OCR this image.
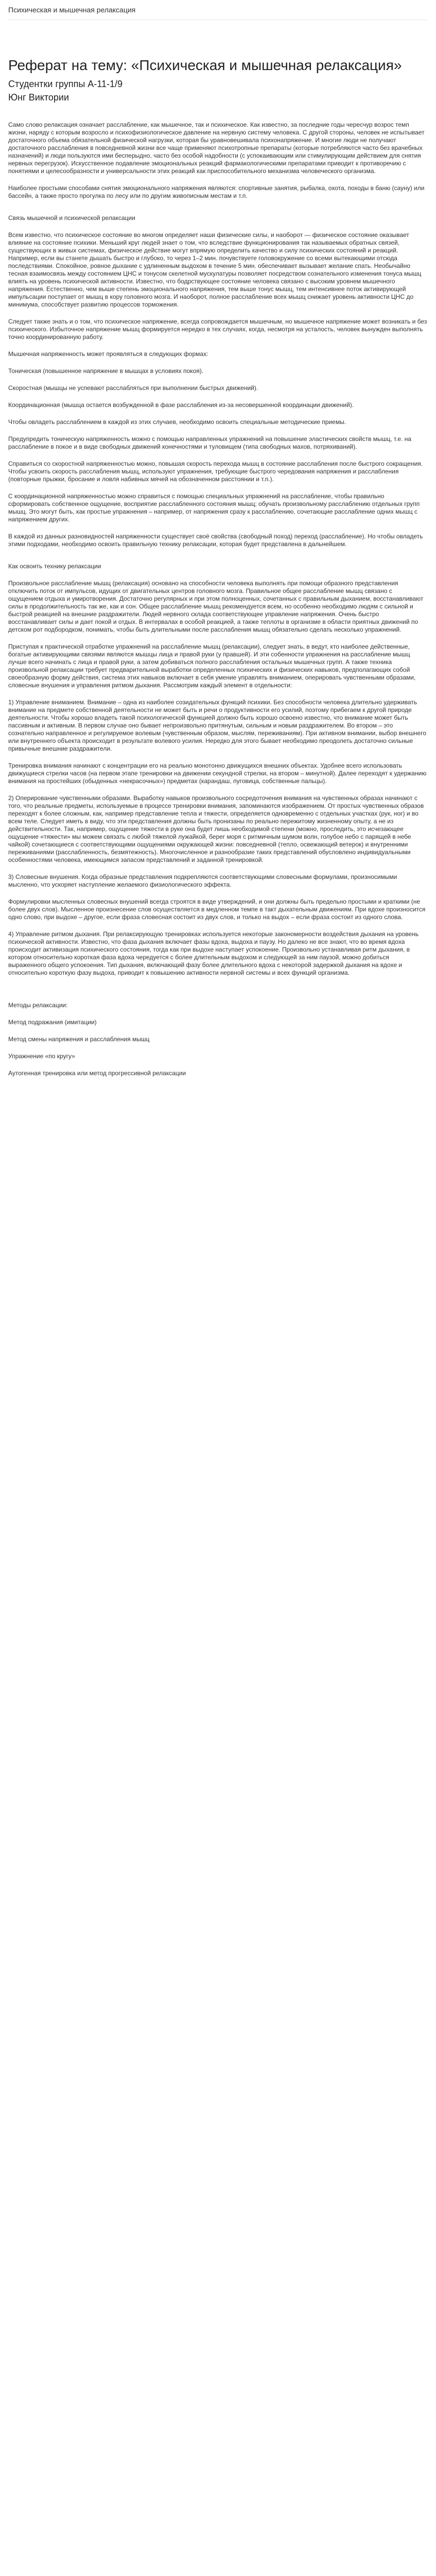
Психическая и мышечная релаксация
Реферат на тему: «Психическая и мышечная релаксация»
Студентки группы А-11-1/9
Юнг Виктории

Само слово релаксация означает расслабление, как мышечное, так и психическое. Как известно, за последние годы чересчур возрос темп жизни, наряду с которым возросло и психофизиологическое давление на нервную систему человека. С другой стороны, человек не испытывает достаточного объема обязательной физической нагрузки, которая бы уравновешивала психонапряжение. И многие люди не получают достаточного расслабления в повседневной жизни все чаще применяют психотропные препараты (которые потребляются часто без врачебных назначений) и люди пользуются ими бесперыдно, часто без особой надобности (с успокаивающим или стимулирующим действием для снятия нервных перегрузок). Искусственное подавление эмоциональных реакций фармакологическими препаратами приводит к противоречию с понятиями и целесообразности и универсальности этих реакций как приспособительного механизма человеческого организма.

Наиболее простыми способами снятия эмоционального напряжения являются: спортивные занятия, рыбалка, охота, походы в баню (сауну) или бассейн, а также просто прогулка по лесу или по другим живописным местам и т.п.

Связь мышечной и психической релаксации

Всем известно, что психическое состояние во многом определяет наши физические силы, и наоборот — физическое состояние оказывает влияние на состояние психики. Меньший круг людей знает о том, что вследствие функционирования так называемых обратных связей, существующих в живых системах, физическое действие могут впрямую определить качество и силу психических состояний и реакций. Например, если вы станете дышать быстро и глубоко, то через 1–2 мин. почувствуете головокружение со всеми вытекающими отсюда последствиями. Спокойное, ровное дыхание с удлиненным выдохом в течение 5 мин. обеспечивает вызывает желание спать. Необычайно тесная взаимосвязь между состоянием ЦНС и тонусом скелетной мускулатуры позволяет посредством сознательного изменения тонуса мышц влиять на уровень психической активности. Известно, что бодрствующее состояние человека связано с высоким уровнем мышечного напряжения. Естественно, чем выше степень эмоционального напряжения, тем выше тонус мышц, тем интенсивнее поток активирующей импульсации поступает от мышц в кору головного мозга. И наоборот, полное расслабление всех мышц снижает уровень активности ЦНС до минимума, способствует развитию процессов торможения.

Следует также знать и о том, что психическое напряжение, всегда сопровождается мышечным, но мышечное напряжение может возникать и без психического. Избыточное напряжение мышц формируется нередко в тех случаях, когда, несмотря на усталость, человек вынужден выполнять точно координированную работу.

Мышечная напряженность может проявляться в следующих формах:

Тоническая (повышенное напряжение в мышцах в условиях покоя).

Скоростная (мышцы не успевают расслабляться при выполнении быстрых движений).

Координационная (мышца остается возбужденной в фазе расслабления из-за несовершенной координации движений).

Чтобы овладеть расслаблением в каждой из этих случаев, необходимо освоить специальные методические приемы.

Предупредить тоническую напряженность можно с помощью направленных упражнений на повышение эластических свойств мышц, т.е. на расслабление в покое и в виде свободных движений конечностями и туловищем (типа свободных махов, потряхиваний).

Справиться со скоростной напряженностью можно, повышая скорость перехода мышц в состояние расслабления после быстрого сокращения. Чтобы усвоить скорость расслабления мышц, используют упражнения, требующие быстрого чередования напряжения и расслабления (повторные прыжки, бросание и ловля набивных мячей на обозначенном расстоянии и т.п.).

С координационной напряженностью можно справиться с помощью специальных упражнений на расслабление, чтобы правильно сформировать собственное ощущение, восприятие расслабленного состояния мышц; обучать произвольному расслаблению отдельных групп мышц. Это могут быть, как простые упражнения – например, от напряжения сразу к расслаблению, сочетающие расслабление одних мышц с напряжением других.

В каждой из данных разновидностей напряженности существует своё свойства (свободный поход) переход (расслабление). Но чтобы овладеть этими подходами, необходимо освоить правильную технику релаксации, которая будет представлена в дальнейшем.

Как освоить технику релаксации

Произвольное расслабление мышц (релаксация) основано на способности человека выполнять при помощи образного представления отключить поток от импульсов, идущих от двигательных центров головного мозга. Правильное общее расслабление мышц связано с ощущением отдыха и умиротворения. Достаточно регулярных и при этом полноценных, сочетанных с правильным дыханием, восстанавливают силы в продолжительность так же, как и сон. Общее расслабление мышц рекомендуется всем, но особенно необходимо людям с сильной и быстрой реакцией на внешние раздражители. Людей нервного склада соответствующее управление напряжения. Очень быстро восстанавливает силы и дает покой и отдых. В интервалах в особой реакцией, а также теплоты в организме в области приятных движений по детском рот подбородком, понимать, чтобы быть длительными после расслабления мышц обязательно сделать несколько упражнений.

Приступая к практической отработке упражнений на расслабление мышц (релаксации), следует знать, в ведут, кто наиболее действенные, богатые активирующими связями являются мышцы лица и правой руки (у правшей). И эти собенности упражнения на расслабление мышц лучше всего начинать с лица и правой руки, а затем добиваться полного расслабления остальных мышечных групп. А также техника произвольной релаксации требует предварительной выработки определенных психических и физических навыков, предполагающих собой своеобразную форму действия, система этих навыков включает в себя умение управлять вниманием, оперировать чувственными образами, словесные внушения и управления ритмом дыхания. Рассмотрим каждый элемент в отдельности:

1) Управление вниманием. Внимание – одна из наиболее созидательных функций психики. Без способности человека длительно удерживать внимание на предмете собственной деятельности не может быть и речи о продуктивности его усилий, поэтому прибегаем к другой природе деятельности. Чтобы хорошо владеть такой психологической функцией должно быть хорошо освоено известно, что внимание может быть пассивным и активным. В первом случае оно бывает непроизвольно притянутым, сильным и новым раздражителем. Во втором – это сознательно направленное и регулируемое волевым (чувственным образом, мыслям, переживаниям). При активном внимании, выбор внешнего или внутреннего объекта происходит в результате волевого усилия. Нередко для этого бывает необходимо преодолеть достаточно сильные привычные внешние раздражители.

Тренировка внимания начинают с концентрации его на реально монотонно движущихся внешних объектах. Удобнее всего использовать движущиеся стрелки часов (на первом этапе тренировки на движении секундной стрелки, на втором – минутной). Далее переходят к удержанию внимания на простейших (обыденных «некрасочных») предметах (карандаш, пуговица, собственные пальцы).

2) Оперирование чувственными образами. Выработку навыков произвольного сосредоточения внимания на чувственных образах начинают с того, что реальные предметы, используемые в процессе тренировки внимания, запоминаются изображением. От простых чувственных образов переходят к более сложным, как, например представление тепла и тяжести, определяется одновременно с отдельных участках (рук, ног) и во всем теле. Следует иметь в виду, что эти представления должны быть пронизаны по реально пережитому жизненному опыту, а не из действительности. Так, например, ощущение тяжести в руке она будет лишь необходимой степени (можно, проследить, это исчезающее ощущение «тяжести» мы можем связать с любой тяжелой лужайкой, берег моря с ритмичным шумом волн, голубое небо с парящей в небе чайкой) сочетающиеся с соответствующими ощущениями окружающей жизни: повседневной (тепло, освежающий ветерок) и внутренними переживаниями (расслабленность, безмятежность). Многочисленное и разнообразие таких представлений обусловлено индивидуальными особенностями человека, имеющимся запасом представлений и заданной тренировкой.

3) Словесные внушения. Когда образные представления подкрепляются соответствующими словесными формулами, произносимыми мысленно, что ускоряет наступление желаемого физиологического эффекта.

Формулировки мысленных словесных внушений всегда строятся в виде утверждений, и они должны быть предельно простыми и краткими (не более двух слов). Мысленное произнесение слов осуществляется в медленном темпе в такт дыхательным движениям. При вдохе произносится одно слово, при выдохе – другое, если фраза словесная состоит из двух слов, и только на выдох – если фраза состоит из одного слова.

4) Управление ритмом дыхания. При релаксирующую тренировках используется некоторые закономерности воздействия дыхания на уровень психической активности. Известно, что фаза дыхания включает фазы вдоха, выдоха и паузу. Но далеко не все знают, что во время вдоха происходит активизация психического состояния, тогда как при выдохе наступает успокоение. Произвольно устанавливая ритм дыхания, в котором относительно короткая фаза вдоха чередуется с более длительным выдохом и следующей за ним паузой, можно добиться выраженного общего успокоения. Тип дыхания, включающий фазу более длительного вдоха с некоторой задержкой дыхания на вдохе и относительно короткую фазу выдоха, приводит к повышению активности нервной системы и всех функций организма.

Методы релаксации:

Метод подражания (имитации)

Метод смены напряжения и расслабления мышц

Упражнение «по кругу»

Аутогенная тренировка или метод прогрессивной релаксации
